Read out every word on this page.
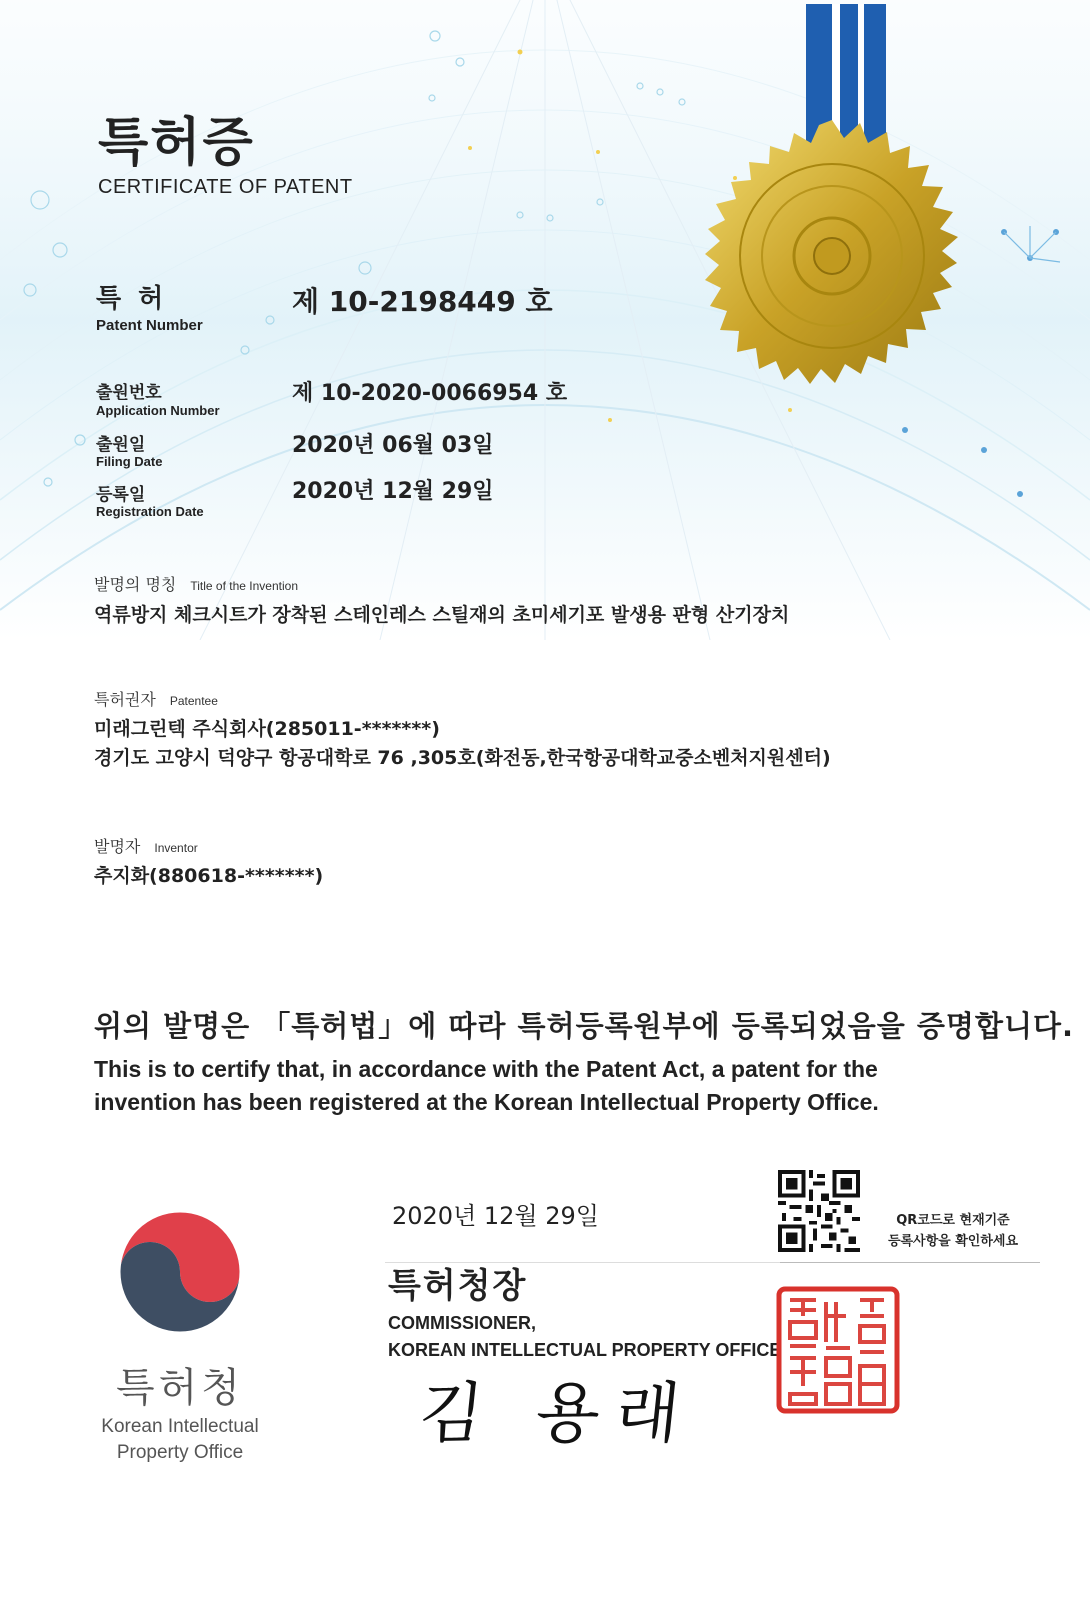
특허증
CERTIFICATE OF PATENT
특 허
Patent Number
제 10-2198449 호
출원번호
Application Number
제 10-2020-0066954 호
출원일
Filing Date
2020년 06월 03일
등록일
Registration Date
2020년 12월 29일
발명의 명칭 Title of the Invention
역류방지 체크시트가 장착된 스테인레스 스틸재의 초미세기포 발생용 판형 산기장치
특허권자 Patentee
미래그린텍 주식회사(285011-*******)
경기도 고양시 덕양구 항공대학로 76 ,305호(화전동,한국항공대학교중소벤처지원센터)
발명자 Inventor
추지화(880618-*******)
위의 발명은 「특허법」에 따라 특허등록원부에 등록되었음을 증명합니다.
This is to certify that, in accordance with the Patent Act, a patent for the
invention has been registered at the Korean Intellectual Property Office.
2020년 12월 29일
특허청장
COMMISSIONER,
KOREAN INTELLECTUAL PROPERTY OFFICE
김 용래
특허청
Korean Intellectual
Property Office
QR코드로 현재기준
등록사항을 확인하세요
